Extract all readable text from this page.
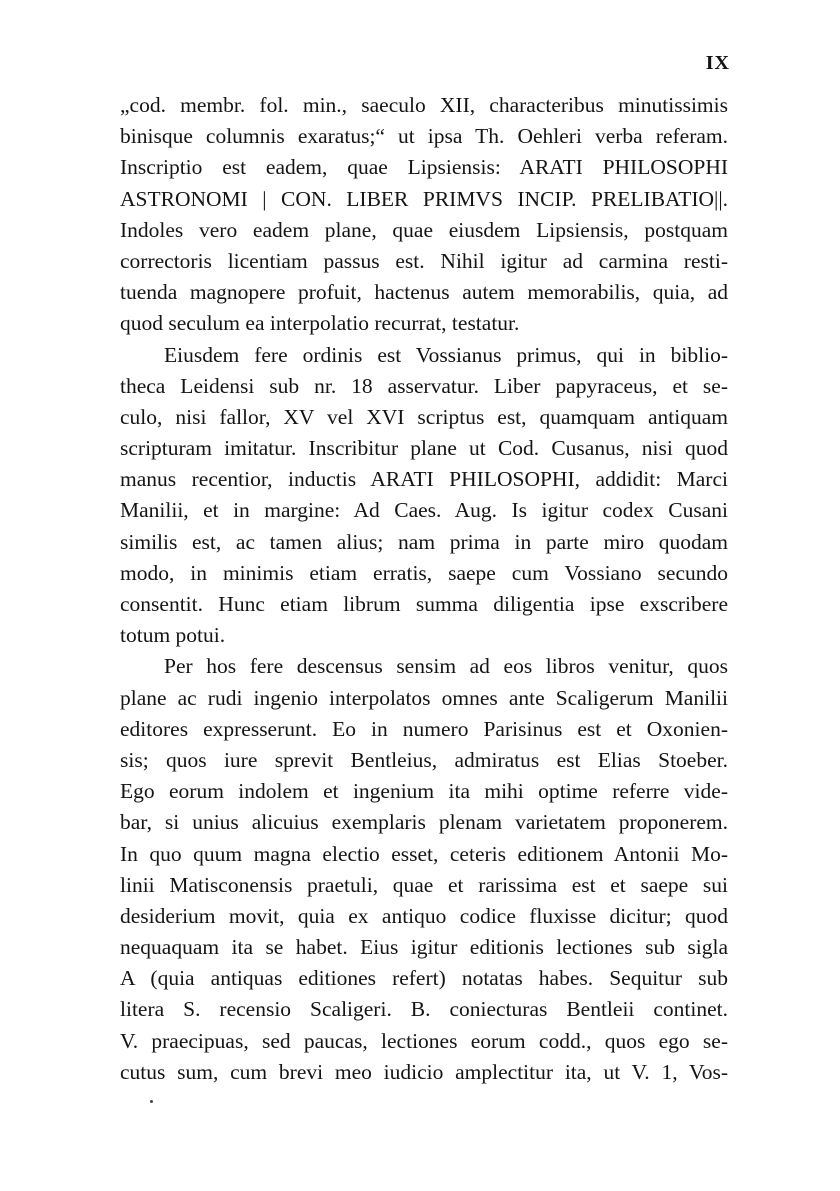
IX
„cod. membr. fol. min., saeculo XII, characteribus minutissimis
binisque columnis exaratus;“ ut ipsa Th. Oehleri verba referam.
Inscriptio est eadem, quae Lipsiensis: ARATI PHILOSOPHI
ASTRONOMI | CON. LIBER PRIMVS INCIP. PRELIBATIO||.
Indoles vero eadem plane, quae eiusdem Lipsiensis, postquam
correctoris licentiam passus est. Nihil igitur ad carmina resti-
tuenda magnopere profuit, hactenus autem memorabilis, quia, ad
quod seculum ea interpolatio recurrat, testatur.
Eiusdem fere ordinis est Vossianus primus, qui in biblio-
theca Leidensi sub nr. 18 asservatur. Liber papyraceus, et se-
culo, nisi fallor, XV vel XVI scriptus est, quamquam antiquam
scripturam imitatur. Inscribitur plane ut Cod. Cusanus, nisi quod
manus recentior, inductis ARATI PHILOSOPHI, addidit: Marci
Manilii, et in margine: Ad Caes. Aug. Is igitur codex Cusani
similis est, ac tamen alius; nam prima in parte miro quodam
modo, in minimis etiam erratis, saepe cum Vossiano secundo
consentit. Hunc etiam librum summa diligentia ipse exscribere
totum potui.
Per hos fere descensus sensim ad eos libros venitur, quos
plane ac rudi ingenio interpolatos omnes ante Scaligerum Manilii
editores expresserunt. Eo in numero Parisinus est et Oxonien-
sis; quos iure sprevit Bentleius, admiratus est Elias Stoeber.
Ego eorum indolem et ingenium ita mihi optime referre vide-
bar, si unius alicuius exemplaris plenam varietatem proponerem.
In quo quum magna electio esset, ceteris editionem Antonii Mo-
linii Matisconensis praetuli, quae et rarissima est et saepe sui
desiderium movit, quia ex antiquo codice fluxisse dicitur; quod
nequaquam ita se habet. Eius igitur editionis lectiones sub sigla
A (quia antiquas editiones refert) notatas habes. Sequitur sub
litera S. recensio Scaligeri. B. coniecturas Bentleii continet.
V. praecipuas, sed paucas, lectiones eorum codd., quos ego se-
cutus sum, cum brevi meo iudicio amplectitur ita, ut V. 1, Vos-
